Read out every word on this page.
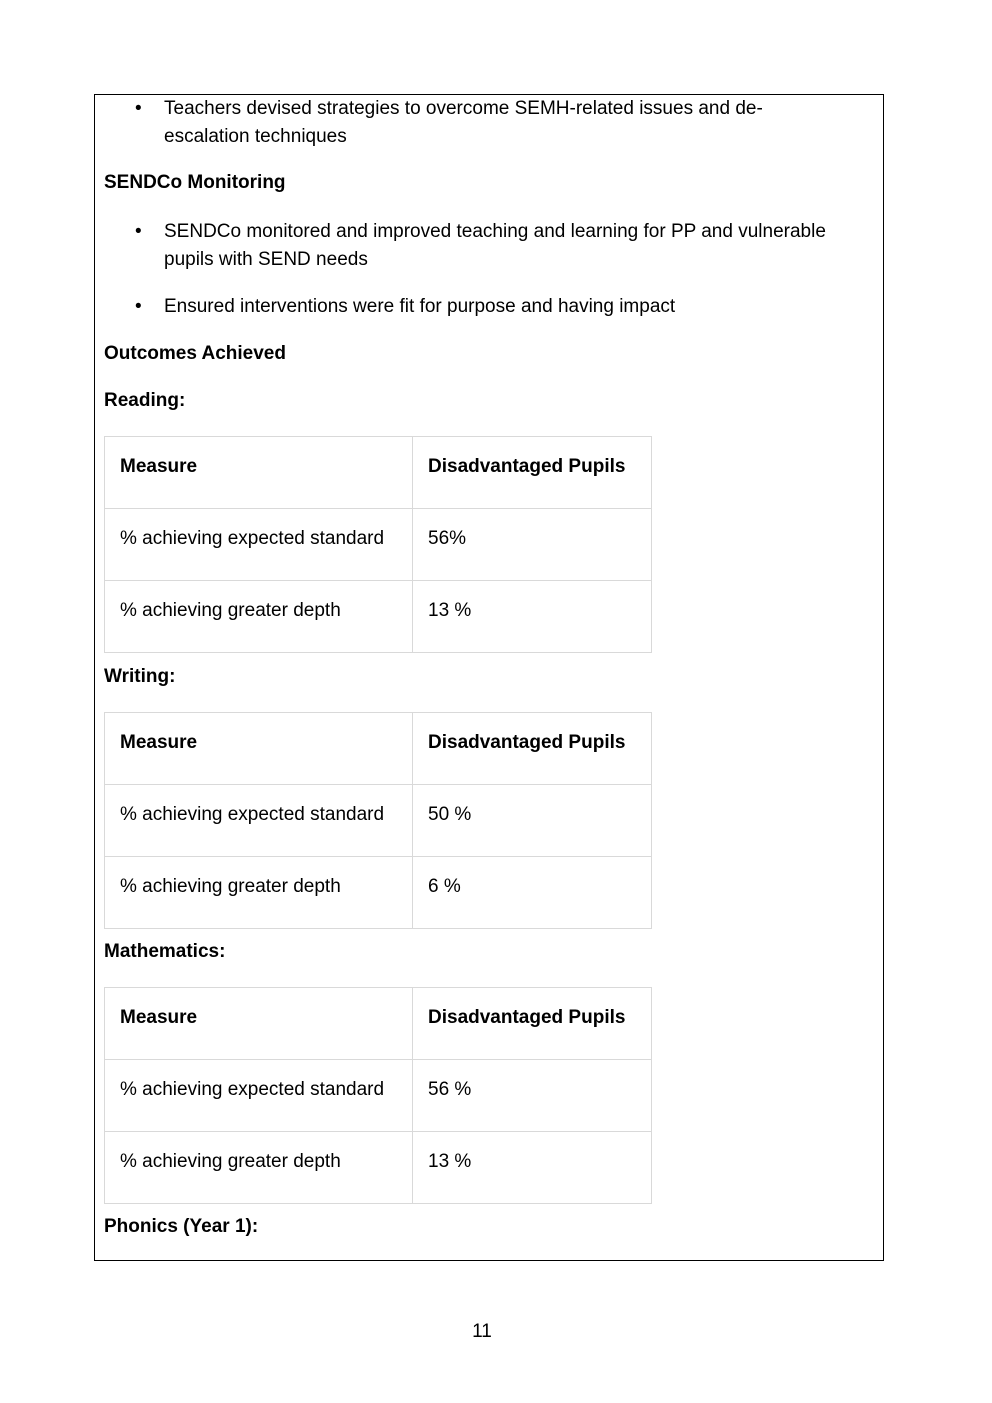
• Teachers devised strategies to overcome SEMH-related issues and de-
escalation techniques
SENDCo Monitoring
• SENDCo monitored and improved teaching and learning for PP and vulnerable
pupils with SEND needs
• Ensured interventions were fit for purpose and having impact
Outcomes Achieved
Reading:
Measure	Disadvantaged Pupils
% achieving expected standard	56%
% achieving greater depth	13 %
Writing:
Measure	Disadvantaged Pupils
% achieving expected standard	50 %
% achieving greater depth	6 %
Mathematics:
Measure	Disadvantaged Pupils
% achieving expected standard	56 %
% achieving greater depth	13 %
Phonics (Year 1):
11
